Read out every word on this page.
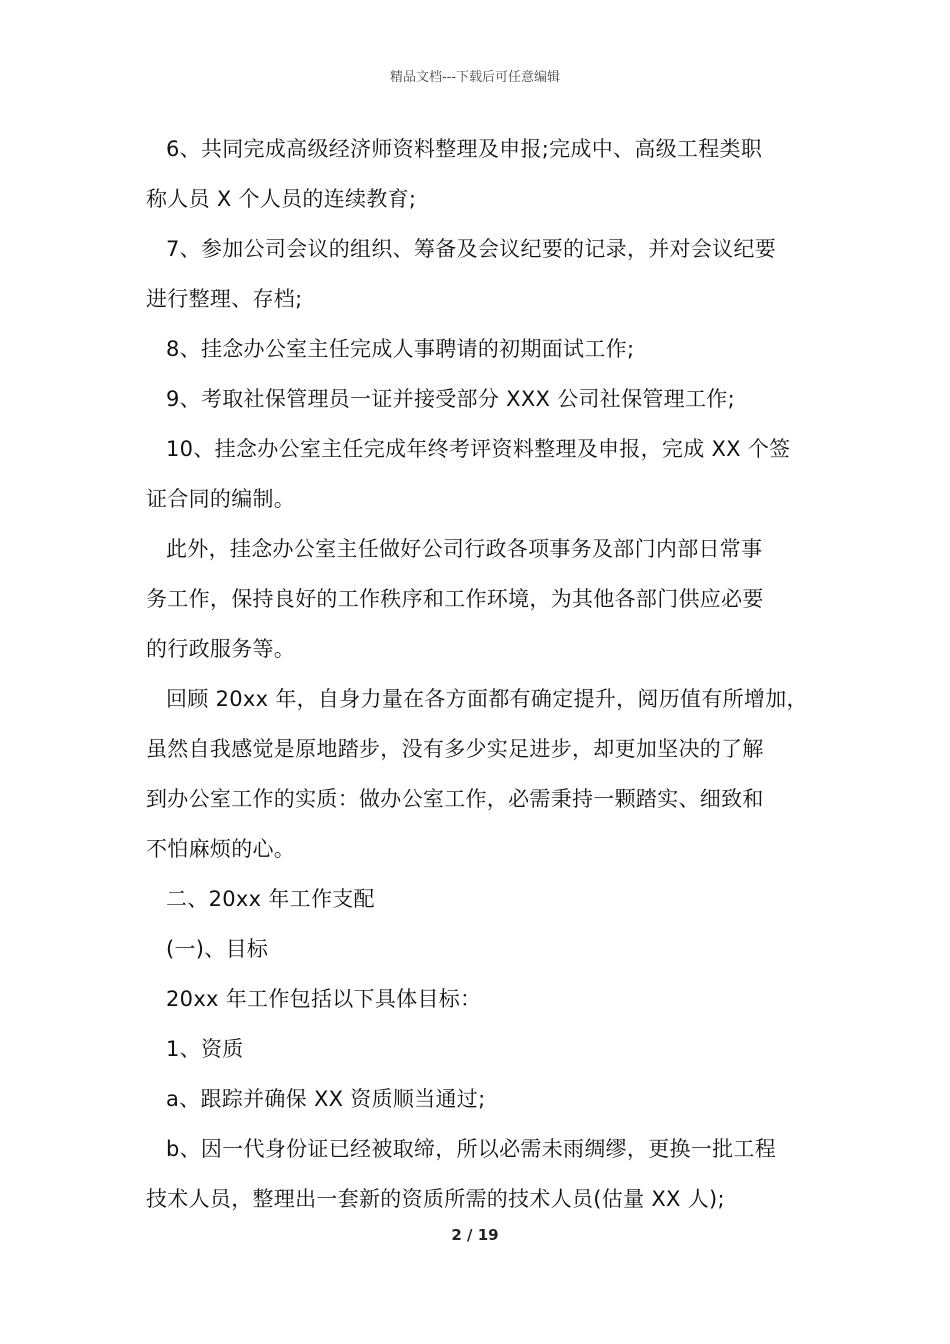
精品文档---下载后可任意编辑
6、共同完成高级经济师资料整理及申报;完成中、高级工程类职
称人员 X 个人员的连续教育;
7、参加公司会议的组织、筹备及会议纪要的记录，并对会议纪要
进行整理、存档;
8、挂念办公室主任完成人事聘请的初期面试工作;
9、考取社保管理员一证并接受部分 XXX 公司社保管理工作;
10、挂念办公室主任完成年终考评资料整理及申报，完成 XX 个签
证合同的编制。
此外，挂念办公室主任做好公司行政各项事务及部门内部日常事
务工作，保持良好的工作秩序和工作环境，为其他各部门供应必要
的行政服务等。
回顾 20xx 年，自身力量在各方面都有确定提升，阅历值有所增加，
虽然自我感觉是原地踏步，没有多少实足进步，却更加坚决的了解
到办公室工作的实质：做办公室工作，必需秉持一颗踏实、细致和
不怕麻烦的心。
二、20xx 年工作支配
(一)、目标
20xx 年工作包括以下具体目标：
1、资质
a、跟踪并确保 XX 资质顺当通过;
b、因一代身份证已经被取缔，所以必需未雨绸缪，更换一批工程
技术人员，整理出一套新的资质所需的技术人员(估量 XX 人);
2 / 19
